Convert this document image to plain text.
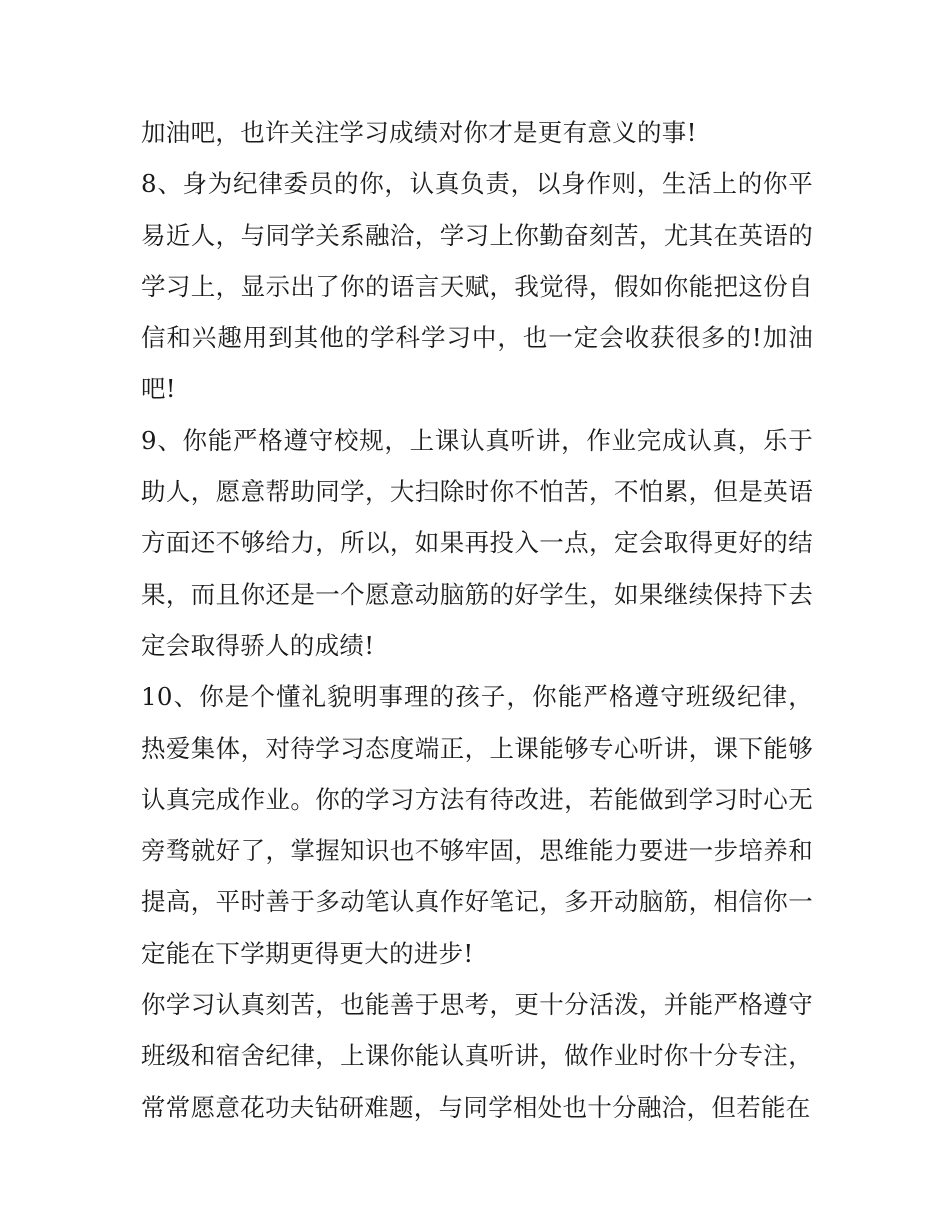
加油吧，也许关注学习成绩对你才是更有意义的事!

8、身为纪律委员的你，认真负责，以身作则，生活上的你平易近人，与同学关系融洽，学习上你勤奋刻苦，尤其在英语的学习上，显示出了你的语言天赋，我觉得，假如你能把这份自信和兴趣用到其他的学科学习中，也一定会收获很多的!加油吧!

9、你能严格遵守校规，上课认真听讲，作业完成认真，乐于助人，愿意帮助同学，大扫除时你不怕苦，不怕累，但是英语方面还不够给力，所以，如果再投入一点，定会取得更好的结果，而且你还是一个愿意动脑筋的好学生，如果继续保持下去定会取得骄人的成绩!

10、你是个懂礼貌明事理的孩子，你能严格遵守班级纪律，热爱集体，对待学习态度端正，上课能够专心听讲，课下能够认真完成作业。你的学习方法有待改进，若能做到学习时心无旁骛就好了，掌握知识也不够牢固，思维能力要进一步培养和提高，平时善于多动笔认真作好笔记，多开动脑筋，相信你一定能在下学期更得更大的进步!

你学习认真刻苦，也能善于思考，更十分活泼，并能严格遵守班级和宿舍纪律，上课你能认真听讲，做作业时你十分专注，常常愿意花功夫钻研难题，与同学相处也十分融洽，但若能在
